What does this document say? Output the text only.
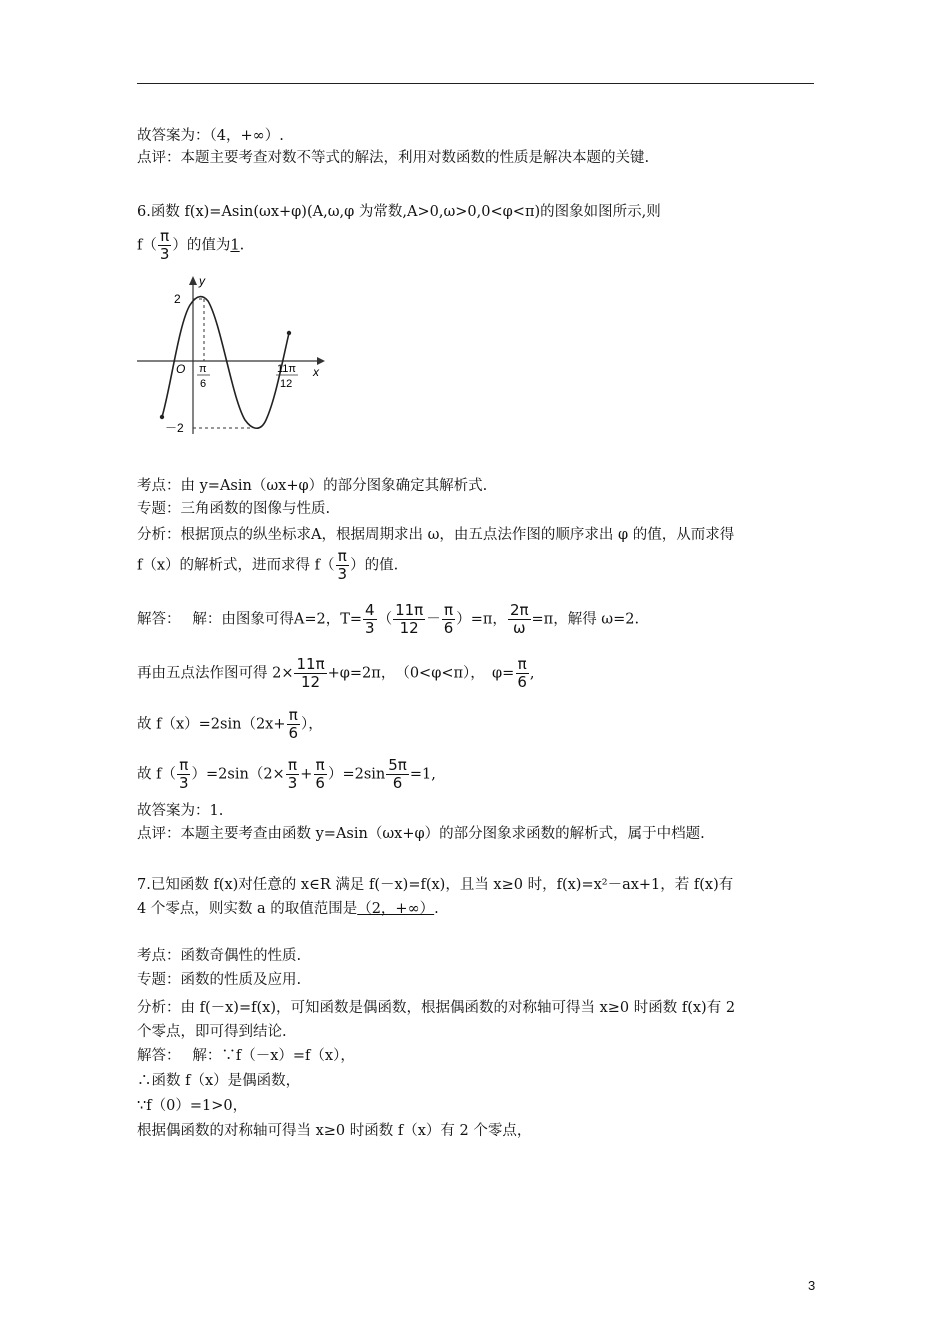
故答案为：（4，+∞）.
点评：本题主要考查对数不等式的解法，利用对数函数的性质是解决本题的关键.
6.函数 f(x)=Asin(ωx+φ)(A,ω,φ 为常数,A>0,ω>0,0<φ<π)的图象如图所示,则
$f( \frac{\pi}{3}$ ）的值为1.
y
x
O
2
－2
π
6
11π
12
考点：由 y=Asin（ωx+φ）的部分图象确定其解析式.
专题：三角函数的图像与性质.
分析：根据顶点的纵坐标求A，根据周期求出 ω，由五点法作图的顺序求出 φ 的值，从而求得
f（x）的解析式，进而求得 $f( \frac{\pi}{3}$ ）的值.
解答：　 解：由图象可得A=2，$T= \frac{4}{3}$ （ $\frac{11\pi}{12} - \frac{\pi}{6} )=\pi$， $\frac{2\pi}{\omega} =\pi$，解得 ω=2.
再由五点法作图可得 $2\times \frac{11\pi}{12} +\varphi=2\pi$，　（0<φ<π），　$\varphi= \frac{\pi}{6}$ ,
故 $f(x)=2\sin(2x+ \frac{\pi}{6}$ ），
故 $f( \frac{\pi}{3} )=2\sin(2\times \frac{\pi}{3} + \frac{\pi}{6} )=2\sin \frac{5\pi}{6} =1$,
故答案为：1.
点评：本题主要考查由函数 y=Asin（ωx+φ）的部分图象求函数的解析式，属于中档题.
7.已知函数 f(x)对任意的 x∈R 满足 f(－x)=f(x)，且当 x≥0 时，f(x)=x²－ax+1，若 f(x)有
4 个零点，则实数 a 的取值范围是（2，+∞）.
考点：函数奇偶性的性质.
专题：函数的性质及应用.
分析：由 f(－x)=f(x)，可知函数是偶函数，根据偶函数的对称轴可得当 x≥0 时函数 f(x)有 2
个零点，即可得到结论.
解答：　 解：∵f（－x）=f（x），
∴函数 f（x）是偶函数，
∵f（0）=1>0，
根据偶函数的对称轴可得当 x≥0 时函数 f（x）有 2 个零点，
3
